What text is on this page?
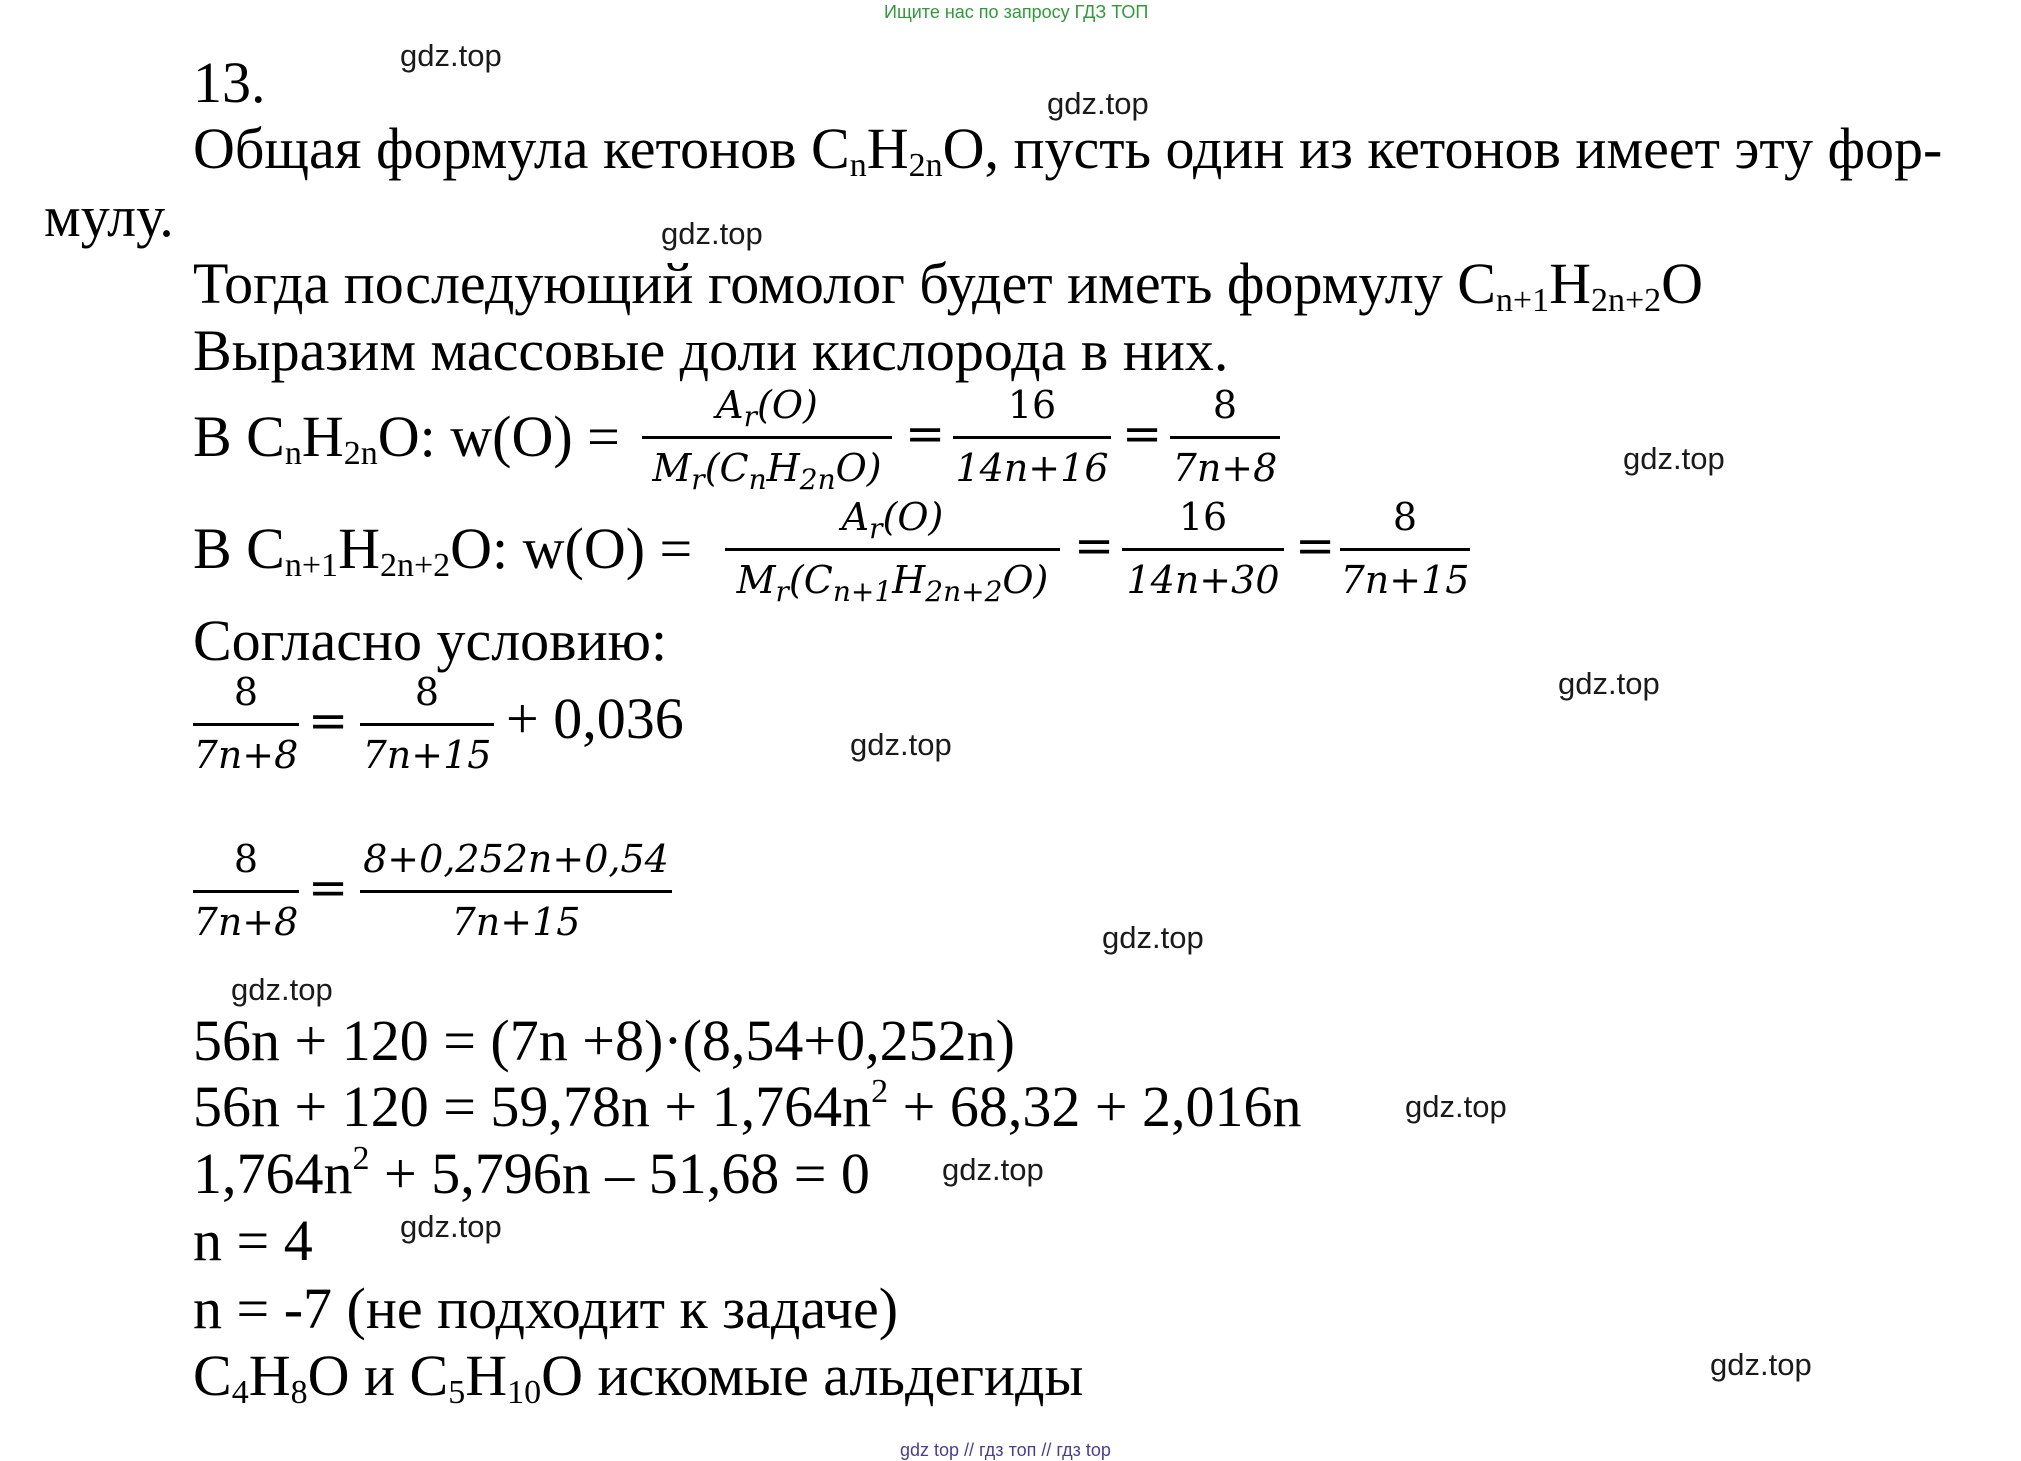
Ищите нас по запросу ГДЗ ТОП
13.
Общая формула кетонов $C_nH_{2n}O$, пусть один из кетонов имеет эту фор-
мулу.
Тогда последующий гомолог будет иметь формулу $C_{n+1}H_{2n+2}O$
Выразим массовые доли кислорода в них.
В $C_nH_{2n}O$: w(O) =	$A_r(O)$
$M_r(C_nH_{2n}O)$
=
16
14n+16
=
8
7n+8
В $C_{n+1}H_{2n+2}O$: w(O) =	$A_r(O)$
$M_r(C_{n+1}H_{2n+2}O)$
=
16
14n+30
=
8
7n+15
Согласно условию:
8
7n+8
=
8
7n+15
+ 0,036
8
7n+8
=
8+0,252n+0,54
7n+15
56n + 120 = (7n +8)·(8,54+0,252n)
$56n + 120 = 59,78n + 1,764n^2 + 68,32 + 2,016n$
$1,764n^2 + 5,796n - 51,68 = 0$
n = 4
n = -7 (не подходит к задаче)
$C_4H_8O$ и $C_5H_{10}O$ искомые альдегиды
gdz.top
gdz.top
gdz.top
gdz.top
gdz.top
gdz.top
gdz.top
gdz.top
gdz.top
gdz.top
gdz.top
gdz.top
gdz top // гдз топ // гдз top
